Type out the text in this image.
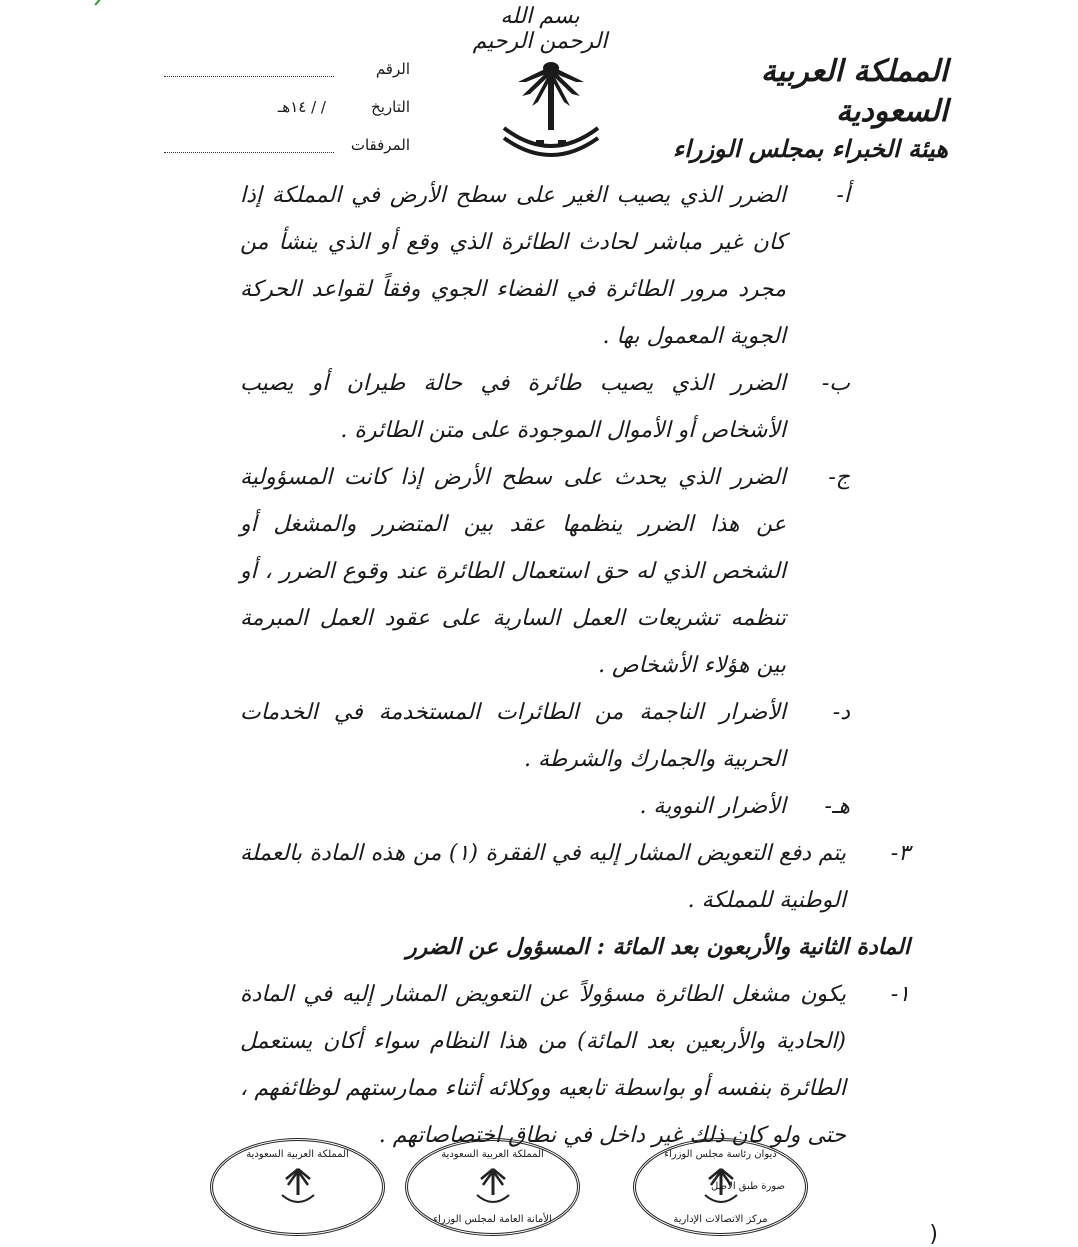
بسم الله الرحمن الرحيم
المملكة العربية السعودية
هيئة الخبراء بمجلس الوزراء
الرقم
التاريخ
/ / ١٤هـ
المرفقات
أ-
الضرر الذي يصيب الغير على سطح الأرض في المملكة إذا كان غير مباشر لحادث الطائرة الذي وقع أو الذي ينشأ من مجرد مرور الطائرة في الفضاء الجوي وفقاً لقواعد الحركة الجوية المعمول بها .
ب-
الضرر الذي يصيب طائرة في حالة طيران أو يصيب الأشخاص أو الأموال الموجودة على متن الطائرة .
ج-
الضرر الذي يحدث على سطح الأرض إذا كانت المسؤولية عن هذا الضرر ينظمها عقد بين المتضرر والمشغل أو الشخص الذي له حق استعمال الطائرة عند وقوع الضرر ، أو تنظمه تشريعات العمل السارية على عقود العمل المبرمة بين هؤلاء الأشخاص .
د-
الأضرار الناجمة من الطائرات المستخدمة في الخدمات الحربية والجمارك والشرطة .
هـ-
الأضرار النووية .
٣-
يتم دفع التعويض المشار إليه في الفقرة (١) من هذه المادة بالعملة الوطنية للمملكة .
المادة الثانية والأربعون بعد المائة : المسؤول عن الضرر
١-
يكون مشغل الطائرة مسؤولاً عن التعويض المشار إليه في المادة (الحادية والأربعين بعد المائة) من هذا النظام سواء أكان يستعمل الطائرة بنفسه أو بواسطة تابعيه ووكلائه أثناء ممارستهم لوظائفهم ، حتى ولو كان ذلك غير داخل في نطاق اختصاصاتهم .
المملكة العربية السعودية	المملكة العربية السعودية
الأمانة العامة لمجلس الوزراء
ديوان رئاسة مجلس الوزراء
صورة طبق الأصل
مركز الاتصالات الإدارية
)
